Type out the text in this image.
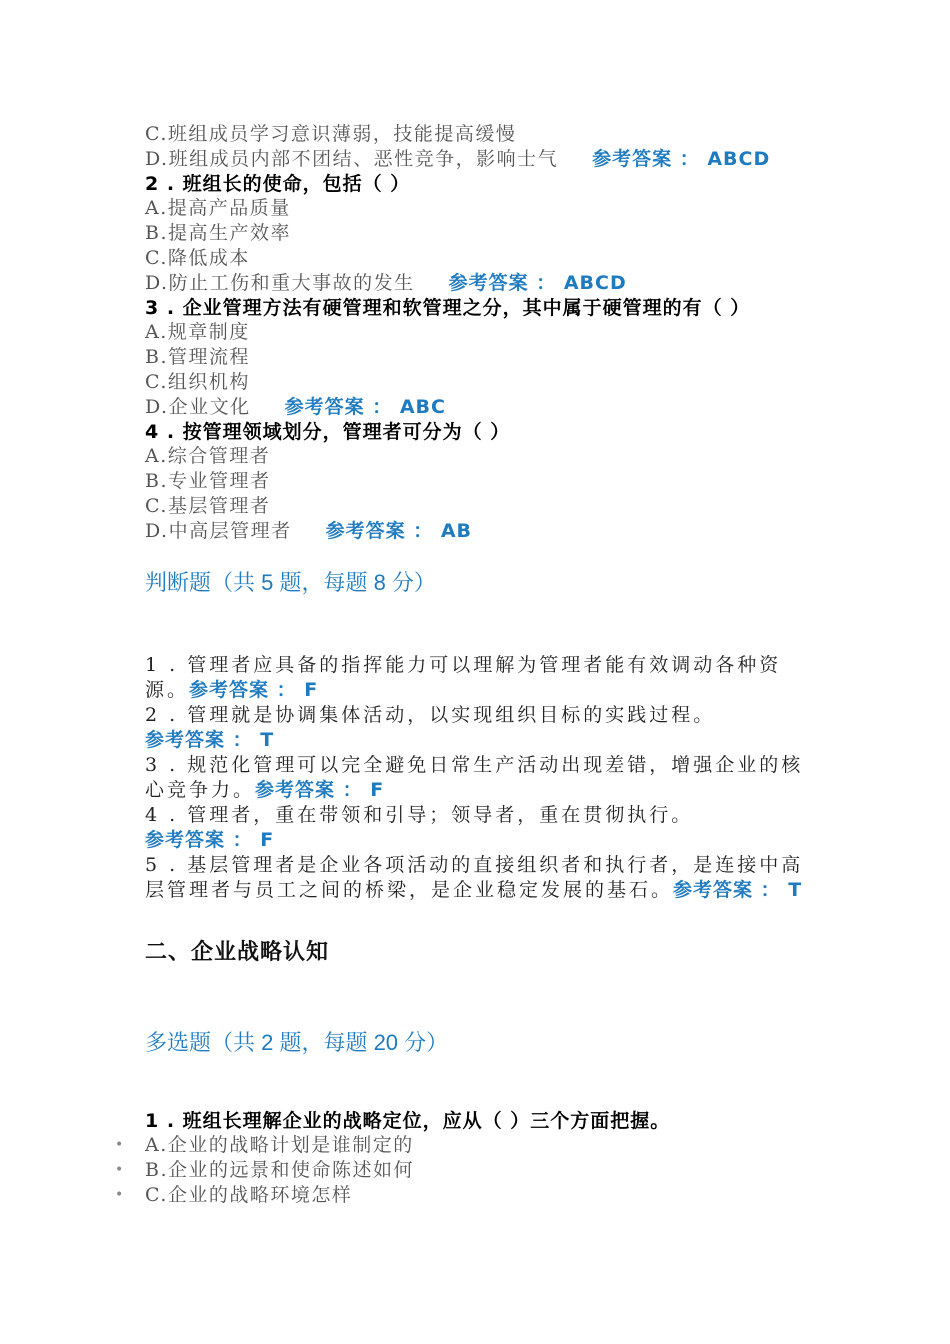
C.班组成员学习意识薄弱，技能提高缓慢
D.班组成员内部不团结、恶性竞争，影响士气 参考答案 ： ABCD
2 . 班组长的使命，包括（ ）
A.提高产品质量
B.提高生产效率
C.降低成本
D.防止工伤和重大事故的发生 参考答案 ： ABCD
3 . 企业管理方法有硬管理和软管理之分，其中属于硬管理的有（ ）
A.规章制度
B.管理流程
C.组织机构
D.企业文化 参考答案 ： ABC
4 . 按管理领域划分，管理者可分为（ ）
A.综合管理者
B.专业管理者
C.基层管理者
D.中高层管理者 参考答案 ： AB
判断题（共 5 题，每题 8 分）
1 . 管理者应具备的指挥能力可以理解为管理者能有效调动各种资
源。参考答案 ： F
2 . 管理就是协调集体活动，以实现组织目标的实践过程。
参考答案 ： T
3 . 规范化管理可以完全避免日常生产活动出现差错，增强企业的核
心竞争力。参考答案 ： F
4 . 管理者，重在带领和引导；领导者，重在贯彻执行。
参考答案 ： F
5 . 基层管理者是企业各项活动的直接组织者和执行者，是连接中高
层管理者与员工之间的桥梁，是企业稳定发展的基石。参考答案 ： T
二、企业战略认知
多选题（共 2 题，每题 20 分）
1 . 班组长理解企业的战略定位，应从（ ）三个方面把握。
• A.企业的战略计划是谁制定的
• B.企业的远景和使命陈述如何
• C.企业的战略环境怎样
